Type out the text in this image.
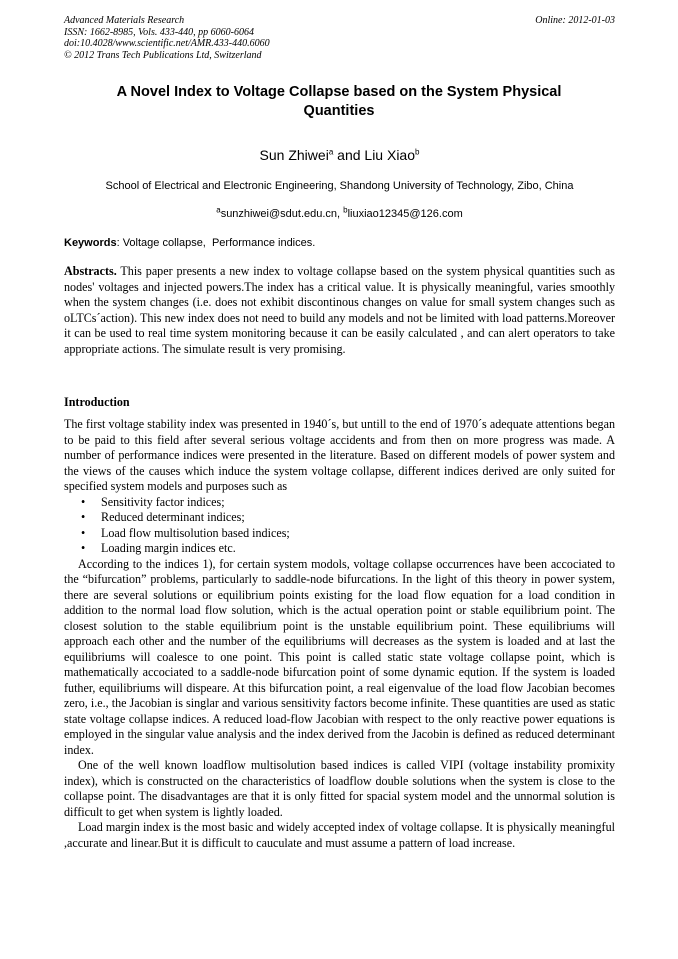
Advanced Materials Research
ISSN: 1662-8985, Vols. 433-440, pp 6060-6064
doi:10.4028/www.scientific.net/AMR.433-440.6060
© 2012 Trans Tech Publications Ltd, Switzerland
Online: 2012-01-03
A Novel Index to Voltage Collapse based on the System Physical Quantities
Sun Zhiwei$^a$ and Liu Xiao$^b$
School of Electrical and Electronic Engineering, Shandong University of Technology, Zibo, China
$^a$sunzhiwei@sdut.edu.cn, $^b$liuxiao12345@126.com
Keywords: Voltage collapse,  Performance indices.
Abstracts. This paper presents a new index to voltage collapse based on the system physical quantities such as nodes' voltages and injected powers.The index has a critical value. It is physically meaningful, varies smoothly when the system changes (i.e. does not exhibit discontinous changes on value for small system changes such as oLTCs´action). This new index does not need to build any models and not be limited with load patterns.Moreover it can be used to real time system monitoring because it can be easily calculated , and can alert operators to take appropriate actions. The simulate result is very promising.
Introduction

The first voltage stability index was presented in 1940´s, but untill to the end of 1970´s adequate attentions began to be paid to this field after several serious voltage accidents and from then on more progress was made. A number of performance indices were presented in the literature. Based on different models of power system and the views of the causes which induce the system voltage collapse, different indices derived are only suited for specified system models and purposes such as

• Sensitivity factor indices;
• Reduced determinant indices;
• Load flow multisolution based indices;
• Loading margin indices etc.

According to the indices 1), for certain system modols, voltage collapse occurrences have been accociated to the “bifurcation” problems, particularly to saddle-node bifurcations. In the light of this theory in power system, there are several solutions or equilibrium points existing for the load flow equation for a load condition in addition to the normal load flow solution, which is the actual operation point or stable equilibrium point. The closest solution to the stable equilibrium point is the unstable equilibrium point. These equilibriums will approach each other and the number of the equilibriums will decreases as the system is loaded and at last the equilibriums will coalesce to one point. This point is called static state voltage collapse point, which is mathematically accociated to a saddle-node bifurcation point of some dynamic eqution. If the system is loaded futher, equilibriums will dispeare. At this bifurcation point, a real eigenvalue of the load flow Jacobian becomes zero, i.e., the Jacobian is singlar and various sensitivity factors become infinite. These quantities are used as static state voltage collapse indices. A reduced load-flow Jacobian with respect to the only reactive power equations is employed in the singular value analysis and the index derived from the Jacobin is defined as reduced determinant index.

One of the well known loadflow multisolution based indices is called VIPI (voltage instability promixity index), which is constructed on the characteristics of loadflow double solutions when the system is close to the collapse point. The disadvantages are that it is only fitted for spacial system model and the unnormal solution is difficult to get when system is lightly loaded.

Load margin index is the most basic and widely accepted index of voltage collapse. It is physically meaningful ,accurate and linear.But it is difficult to cauculate and must assume a pattern of load increase.
